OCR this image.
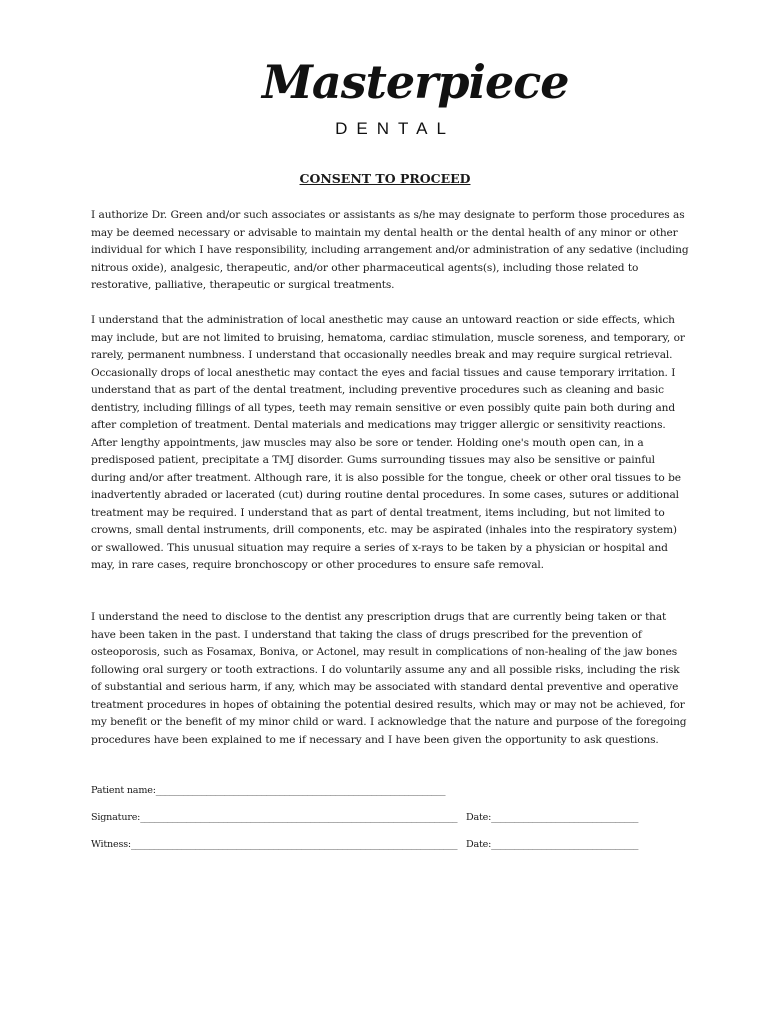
Masterpiece
DENTAL
CONSENT TO PROCEED

I authorize Dr. Green and/or such associates or assistants as s/he may designate to perform those procedures as may be deemed necessary or advisable to maintain my dental health or the dental health of any minor or other individual for which I have responsibility, including arrangement and/or administration of any sedative (including nitrous oxide), analgesic, therapeutic, and/or other pharmaceutical agents(s), including those related to restorative, palliative, therapeutic or surgical treatments.

I understand that the administration of local anesthetic may cause an untoward reaction or side effects, which may include, but are not limited to bruising, hematoma, cardiac stimulation, muscle soreness, and temporary, or rarely, permanent numbness. I understand that occasionally needles break and may require surgical retrieval. Occasionally drops of local anesthetic may contact the eyes and facial tissues and cause temporary irritation. I understand that as part of the dental treatment, including preventive procedures such as cleaning and basic dentistry, including fillings of all types, teeth may remain sensitive or even possibly quite pain both during and after completion of treatment. Dental materials and medications may trigger allergic or sensitivity reactions. After lengthy appointments, jaw muscles may also be sore or tender. Holding one's mouth open can, in a predisposed patient, precipitate a TMJ disorder. Gums surrounding tissues may also be sensitive or painful during and/or after treatment. Although rare, it is also possible for the tongue, cheek or other oral tissues to be inadvertently abraded or lacerated (cut) during routine dental procedures. In some cases, sutures or additional treatment may be required. I understand that as part of dental treatment, items including, but not limited to crowns, small dental instruments, drill components, etc. may be aspirated (inhales into the respiratory system) or swallowed. This unusual situation may require a series of x-rays to be taken by a physician or hospital and may, in rare cases, require bronchoscopy or other procedures to ensure safe removal.

I understand the need to disclose to the dentist any prescription drugs that are currently being taken or that have been taken in the past. I understand that taking the class of drugs prescribed for the prevention of osteoporosis, such as Fosamax, Boniva, or Actonel, may result in complications of non-healing of the jaw bones following oral surgery or tooth extractions. I do voluntarily assume any and all possible risks, including the risk of substantial and serious harm, if any, which may be associated with standard dental preventive and operative treatment procedures in hopes of obtaining the potential desired results, which may or may not be achieved, for my benefit or the benefit of my minor child or ward. I acknowledge that the nature and purpose of the foregoing procedures have been explained to me if necessary and I have been given the opportunity to ask questions.

Patient name:_______________________________________________________________
Signature:_____________________________________________________________________ Date:________________________________
Witness:_______________________________________________________________________ Date:________________________________
